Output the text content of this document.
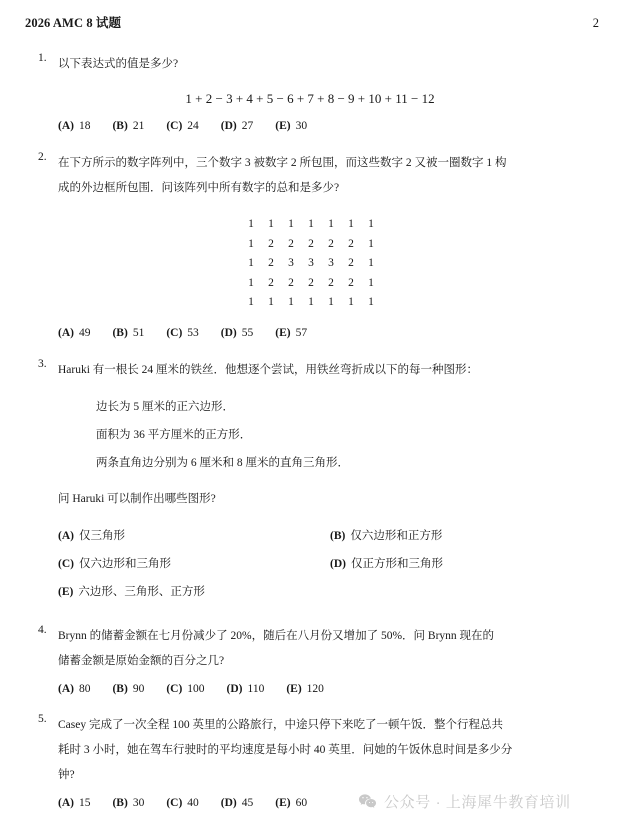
2026 AMC 8 试题	2
1. 以下表达式的值是多少?
1 + 2 − 3 + 4 + 5 − 6 + 7 + 8 − 9 + 10 + 11 − 12
(A) 18 (B) 21 (C) 24 (D) 27 (E) 30
2. 在下方所示的数字阵列中，三个数字 3 被数字 2 所包围，而这些数字 2 又被一圈数字 1 构
成的外边框所包围．问该阵列中所有数字的总和是多少?
1	1	1	1	1	1	1
1	2	2	2	2	2	1
1	2	3	3	3	2	1
1	2	2	2	2	2	1
1	1	1	1	1	1	1
(A) 49 (B) 51 (C) 53 (D) 55 (E) 57
3. Haruki 有一根长 24 厘米的铁丝．他想逐个尝试，用铁丝弯折成以下的每一种图形：
边长为 5 厘米的正六边形．
面积为 36 平方厘米的正方形．
两条直角边分别为 6 厘米和 8 厘米的直角三角形．
问 Haruki 可以制作出哪些图形?
(A) 仅三角形	(B) 仅六边形和正方形
(C) 仅六边形和三角形	(D) 仅正方形和三角形
(E) 六边形、三角形、正方形
4. Brynn 的储蓄金额在七月份减少了 20%，随后在八月份又增加了 50%．问 Brynn 现在的
储蓄金额是原始金额的百分之几?
(A) 80 (B) 90 (C) 100 (D) 110 (E) 120
5. Casey 完成了一次全程 100 英里的公路旅行，中途只停下来吃了一顿午饭．整个行程总共
耗时 3 小时，她在驾车行驶时的平均速度是每小时 40 英里．问她的午饭休息时间是多少分
钟?
(A) 15 (B) 30 (C) 40 (D) 45 (E) 60	公众号 · 上海犀牛教育培训
